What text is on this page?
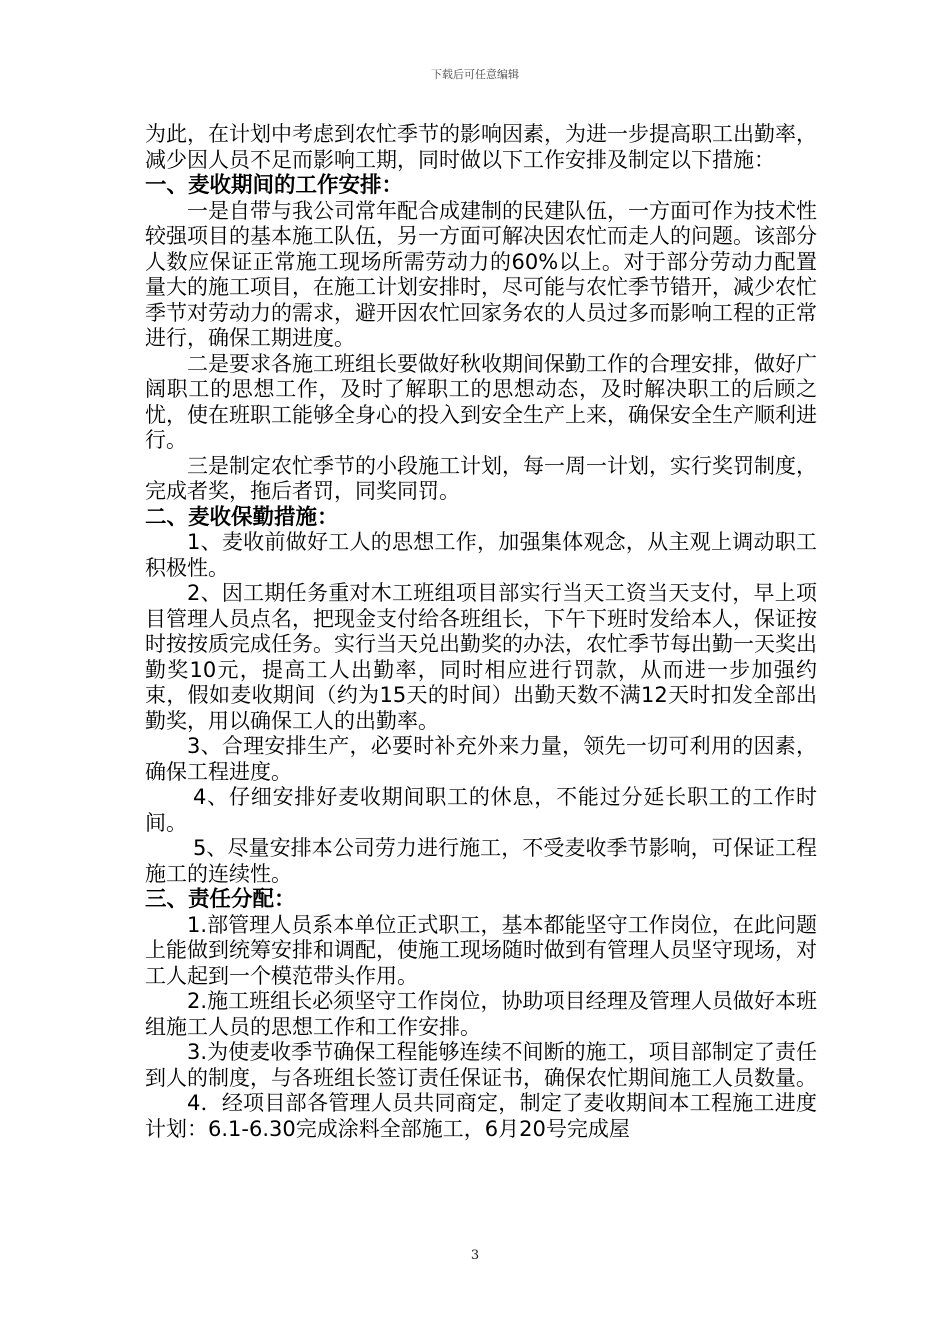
下载后可任意编辑

为此，在计划中考虑到农忙季节的影响因素，为进一步提高职工出勤率，减少因人员不足而影响工期，同时做以下工作安排及制定以下措施：

一、麦收期间的工作安排：

一是自带与我公司常年配合成建制的民建队伍，一方面可作为技术性较强项目的基本施工队伍，另一方面可解决因农忙而走人的问题。该部分人数应保证正常施工现场所需劳动力的60%以上。对于部分劳动力配置量大的施工项目，在施工计划安排时，尽可能与农忙季节错开，减少农忙季节对劳动力的需求，避开因农忙回家务农的人员过多而影响工程的正常进行，确保工期进度。

二是要求各施工班组长要做好秋收期间保勤工作的合理安排，做好广阔职工的思想工作，及时了解职工的思想动态，及时解决职工的后顾之忧，使在班职工能够全身心的投入到安全生产上来，确保安全生产顺利进行。

三是制定农忙季节的小段施工计划，每一周一计划，实行奖罚制度，完成者奖，拖后者罚，同奖同罚。

二、麦收保勤措施：

1、麦收前做好工人的思想工作，加强集体观念，从主观上调动职工积极性。

2、因工期任务重对木工班组项目部实行当天工资当天支付，早上项目管理人员点名，把现金支付给各班组长，下午下班时发给本人，保证按时按按质完成任务。实行当天兑出勤奖的办法，农忙季节每出勤一天奖出勤奖10元，提高工人出勤率，同时相应进行罚款，从而进一步加强约束，假如麦收期间（约为15天的时间）出勤天数不满12天时扣发全部出勤奖，用以确保工人的出勤率。

3、合理安排生产，必要时补充外来力量，领先一切可利用的因素，确保工程进度。

4、仔细安排好麦收期间职工的休息，不能过分延长职工的工作时间。

5、尽量安排本公司劳力进行施工，不受麦收季节影响，可保证工程施工的连续性。

三、责任分配：

1.部管理人员系本单位正式职工，基本都能坚守工作岗位，在此问题上能做到统筹安排和调配，使施工现场随时做到有管理人员坚守现场，对工人起到一个模范带头作用。

2.施工班组长必须坚守工作岗位，协助项目经理及管理人员做好本班组施工人员的思想工作和工作安排。

3.为使麦收季节确保工程能够连续不间断的施工，项目部制定了责任到人的制度，与各班组长签订责任保证书，确保农忙期间施工人员数量。

4．经项目部各管理人员共同商定，制定了麦收期间本工程施工进度计划：6.1-6.30完成涂料全部施工，6月20号完成屋

3
